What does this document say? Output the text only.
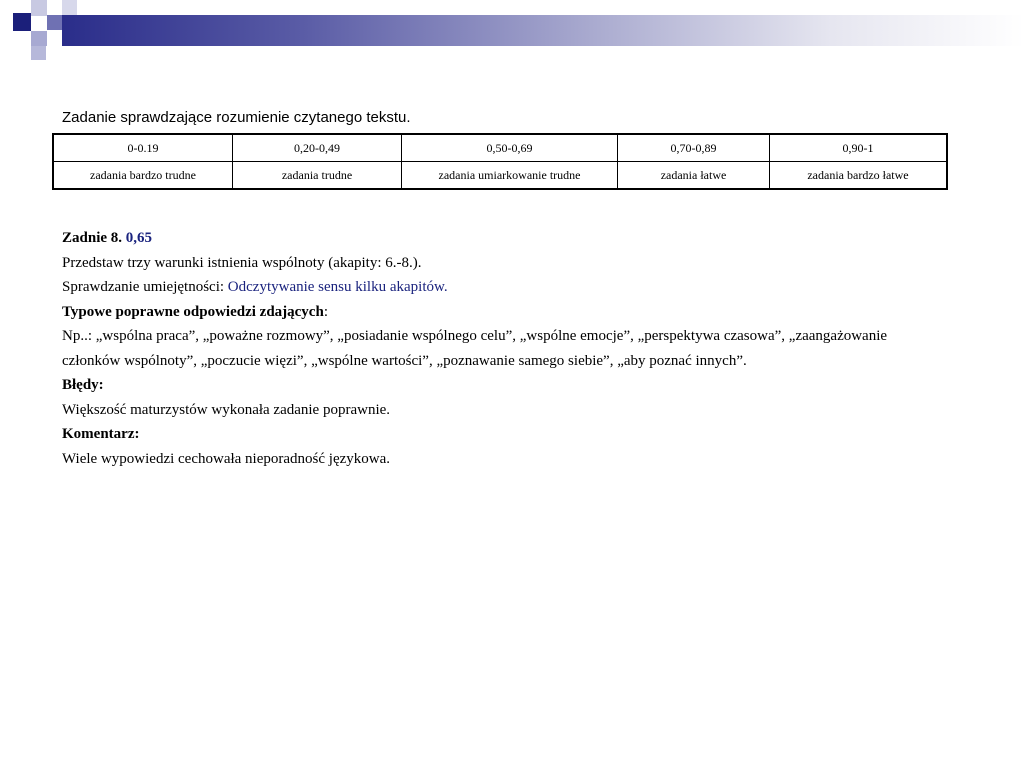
Zadanie sprawdzające rozumienie czytanego tekstu.
0-0.19	0,20-0,49	0,50-0,69	0,70-0,89	0,90-1
zadania bardzo trudne	zadania trudne	zadania umiarkowanie trudne	zadania łatwe	zadania bardzo łatwe

Zadnie 8. 0,65

Przedstaw trzy warunki istnienia wspólnoty (akapity: 6.-8.).

Sprawdzanie umiejętności: Odczytywanie sensu kilku akapitów.

Typowe poprawne odpowiedzi zdających:

Np..: „wspólna praca”, „poważne rozmowy”, „posiadanie wspólnego celu”, „wspólne emocje”, „perspektywa czasowa”, „zaangażowanie członków wspólnoty”, „poczucie więzi”, „wspólne wartości”, „poznawanie samego siebie”, „aby poznać innych”.

Błędy:

Większość maturzystów wykonała zadanie poprawnie.

Komentarz:

Wiele wypowiedzi cechowała nieporadność językowa.
